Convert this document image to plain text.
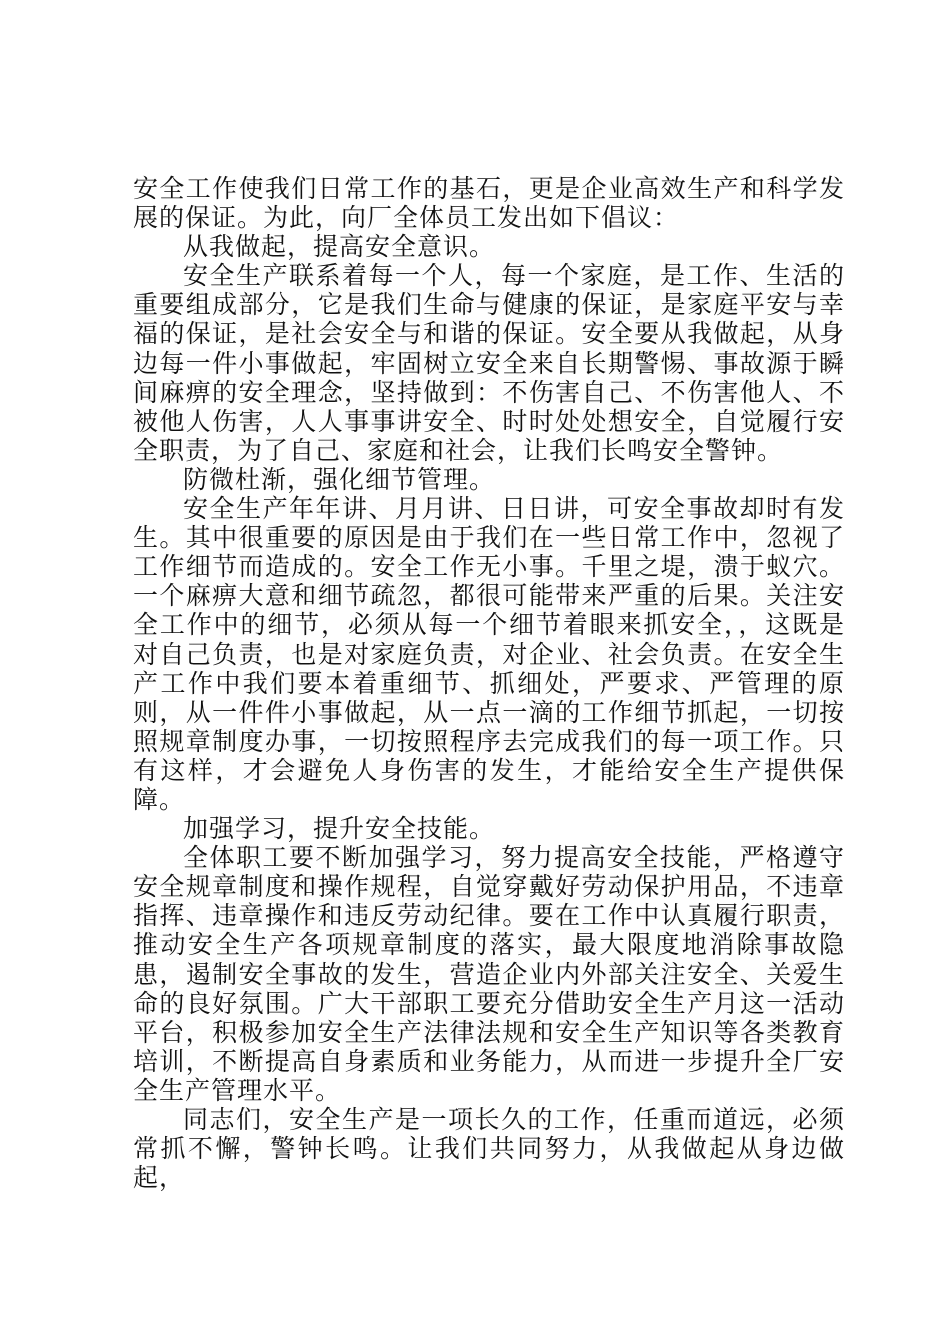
安全工作使我们日常工作的基石，更是企业高效生产和科学发展的保证。为此，向厂全体员工发出如下倡议：

从我做起，提高安全意识。

安全生产联系着每一个人，每一个家庭，是工作、生活的重要组成部分，它是我们生命与健康的保证，是家庭平安与幸福的保证，是社会安全与和谐的保证。安全要从我做起，从身边每一件小事做起，牢固树立安全来自长期警惕、事故源于瞬间麻痹的安全理念，坚持做到：不伤害自己、不伤害他人、不被他人伤害，人人事事讲安全、时时处处想安全，自觉履行安全职责，为了自己、家庭和社会，让我们长鸣安全警钟。

防微杜渐，强化细节管理。

安全生产年年讲、月月讲、日日讲，可安全事故却时有发生。其中很重要的原因是由于我们在一些日常工作中，忽视了工作细节而造成的。安全工作无小事。千里之堤，溃于蚁穴。一个麻痹大意和细节疏忽，都很可能带来严重的后果。关注安全工作中的细节，必须从每一个细节着眼来抓安全，，这既是对自己负责，也是对家庭负责，对企业、社会负责。在安全生产工作中我们要本着重细节、抓细处，严要求、严管理的原则，从一件件小事做起，从一点一滴的工作细节抓起，一切按照规章制度办事，一切按照程序去完成我们的每一项工作。只有这样，才会避免人身伤害的发生，才能给安全生产提供保障。

加强学习，提升安全技能。

全体职工要不断加强学习，努力提高安全技能，严格遵守安全规章制度和操作规程，自觉穿戴好劳动保护用品，不违章指挥、违章操作和违反劳动纪律。要在工作中认真履行职责，推动安全生产各项规章制度的落实，最大限度地消除事故隐患，遏制安全事故的发生，营造企业内外部关注安全、关爱生命的良好氛围。广大干部职工要充分借助安全生产月这一活动平台，积极参加安全生产法律法规和安全生产知识等各类教育培训，不断提高自身素质和业务能力，从而进一步提升全厂安全生产管理水平。

同志们，安全生产是一项长久的工作，任重而道远，必须常抓不懈，警钟长鸣。让我们共同努力，从我做起从身边做起，
